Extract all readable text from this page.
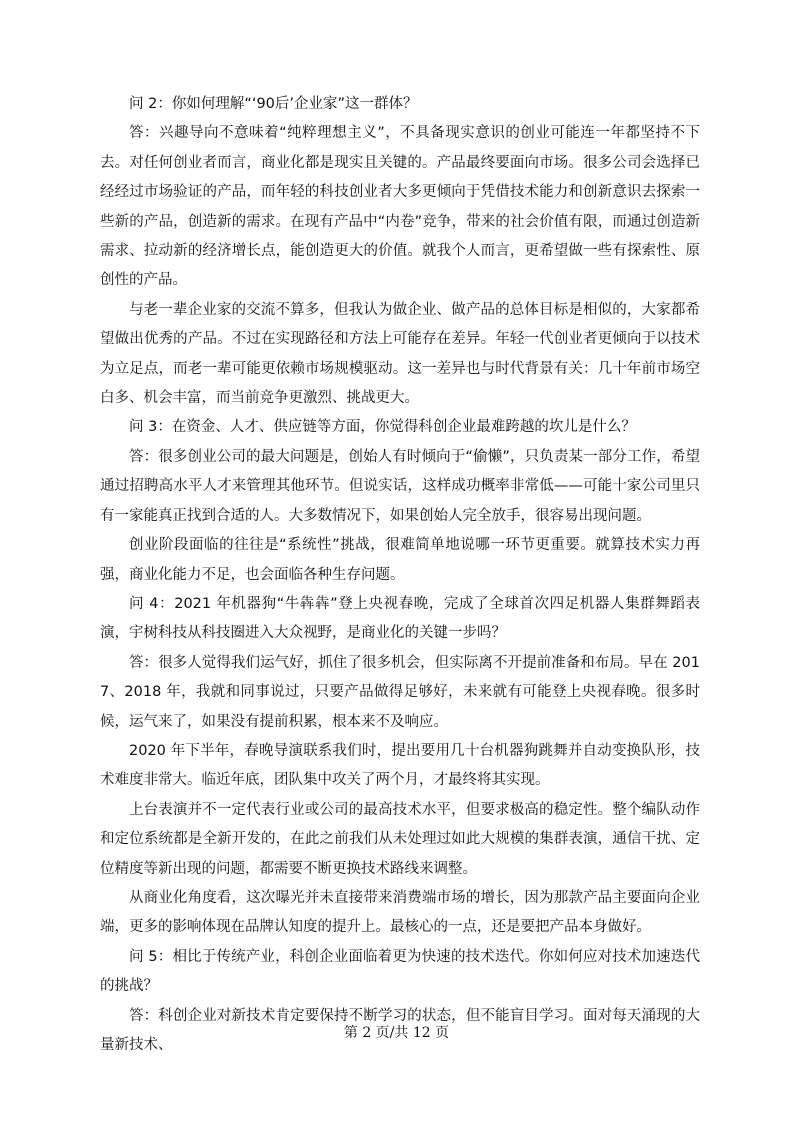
问 2：你如何理解“‘90后’企业家”这一群体？

答：兴趣导向不意味着“纯粹理想主义”，不具备现实意识的创业可能连一年都坚持不下去。对任何创业者而言，商业化都是现实且关键的。产品最终要面向市场。很多公司会选择已经经过市场验证的产品，而年轻的科技创业者大多更倾向于凭借技术能力和创新意识去探索一些新的产品，创造新的需求。在现有产品中“内卷”竞争，带来的社会价值有限，而通过创造新需求、拉动新的经济增长点，能创造更大的价值。就我个人而言，更希望做一些有探索性、原创性的产品。

与老一辈企业家的交流不算多，但我认为做企业、做产品的总体目标是相似的，大家都希望做出优秀的产品。不过在实现路径和方法上可能存在差异。年轻一代创业者更倾向于以技术为立足点，而老一辈可能更依赖市场规模驱动。这一差异也与时代背景有关：几十年前市场空白多、机会丰富，而当前竞争更激烈、挑战更大。

问 3：在资金、人才、供应链等方面，你觉得科创企业最难跨越的坎儿是什么？

答：很多创业公司的最大问题是，创始人有时倾向于“偷懒”，只负责某一部分工作，希望通过招聘高水平人才来管理其他环节。但说实话，这样成功概率非常低——可能十家公司里只有一家能真正找到合适的人。大多数情况下，如果创始人完全放手，很容易出现问题。

创业阶段面临的往往是“系统性”挑战，很难简单地说哪一环节更重要。就算技术实力再强，商业化能力不足，也会面临各种生存问题。

问 4：2021 年机器狗“牛犇犇”登上央视春晚，完成了全球首次四足机器人集群舞蹈表演，宇树科技从科技圈进入大众视野，是商业化的关键一步吗？

答：很多人觉得我们运气好，抓住了很多机会，但实际离不开提前准备和布局。早在 2017、2018 年，我就和同事说过，只要产品做得足够好，未来就有可能登上央视春晚。很多时候，运气来了，如果没有提前积累，根本来不及响应。

2020 年下半年，春晚导演联系我们时，提出要用几十台机器狗跳舞并自动变换队形，技术难度非常大。临近年底，团队集中攻关了两个月，才最终将其实现。

上台表演并不一定代表行业或公司的最高技术水平，但要求极高的稳定性。整个编队动作和定位系统都是全新开发的，在此之前我们从未处理过如此大规模的集群表演，通信干扰、定位精度等新出现的问题，都需要不断更换技术路线来调整。

从商业化角度看，这次曝光并未直接带来消费端市场的增长，因为那款产品主要面向企业端，更多的影响体现在品牌认知度的提升上。最核心的一点，还是要把产品本身做好。

问 5：相比于传统产业，科创企业面临着更为快速的技术迭代。你如何应对技术加速迭代的挑战？

答：科创企业对新技术肯定要保持不断学习的状态，但不能盲目学习。面对每天涌现的大量新技术、

第 2 页/共 12 页
